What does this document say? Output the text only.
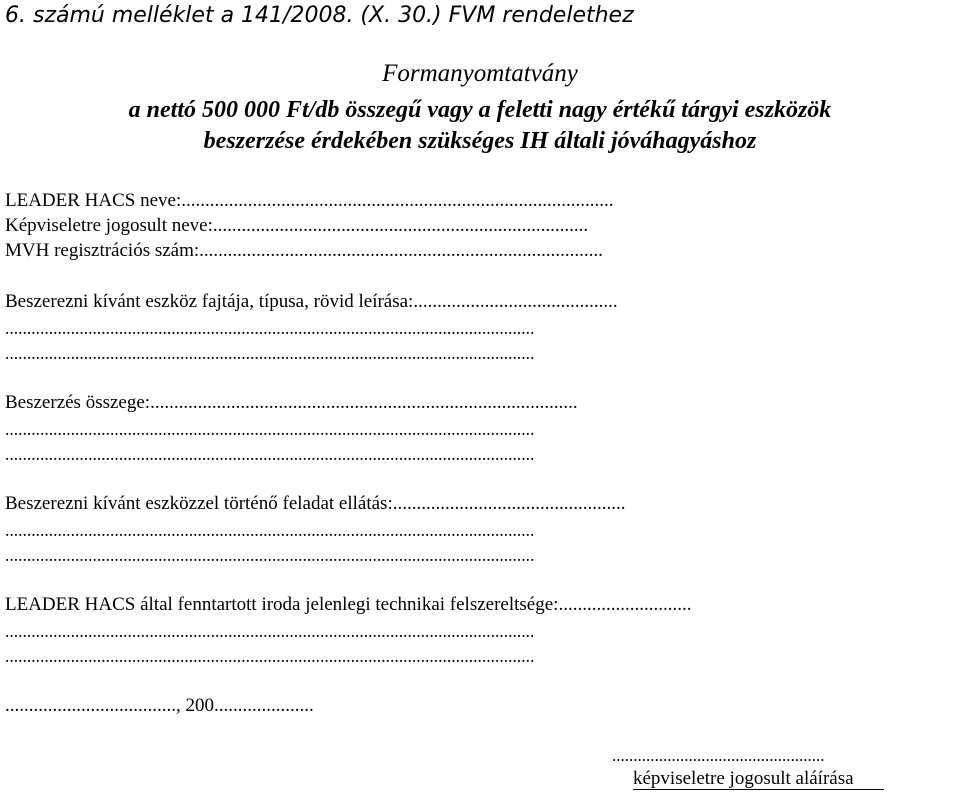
6. számú melléklet a 141/2008. (X. 30.) FVM rendelethez
Formanyomtatvány
a nettó 500 000 Ft/db összegű vagy a feletti nagy értékű tárgyi eszközök
beszerzése érdekében szükséges IH általi jóváhagyáshoz
LEADER HACS neve:...........................................................................................
Képviseletre jogosult neve:...............................................................................
MVH regisztrációs szám:.....................................................................................
Beszerezni kívánt eszköz fajtája, típusa, rövid leírása:...........................................
.........................................................................................................................
.........................................................................................................................
Beszerzés összege:..........................................................................................
.........................................................................................................................
.........................................................................................................................
Beszerezni kívánt eszközzel történő feladat ellátás:.................................................
.........................................................................................................................
.........................................................................................................................
LEADER HACS által fenntartott iroda jelenlegi technikai felszereltsége:............................
.........................................................................................................................
.........................................................................................................................
...................................., 200.....................
..................................................
képviseletre jogosult aláírása
